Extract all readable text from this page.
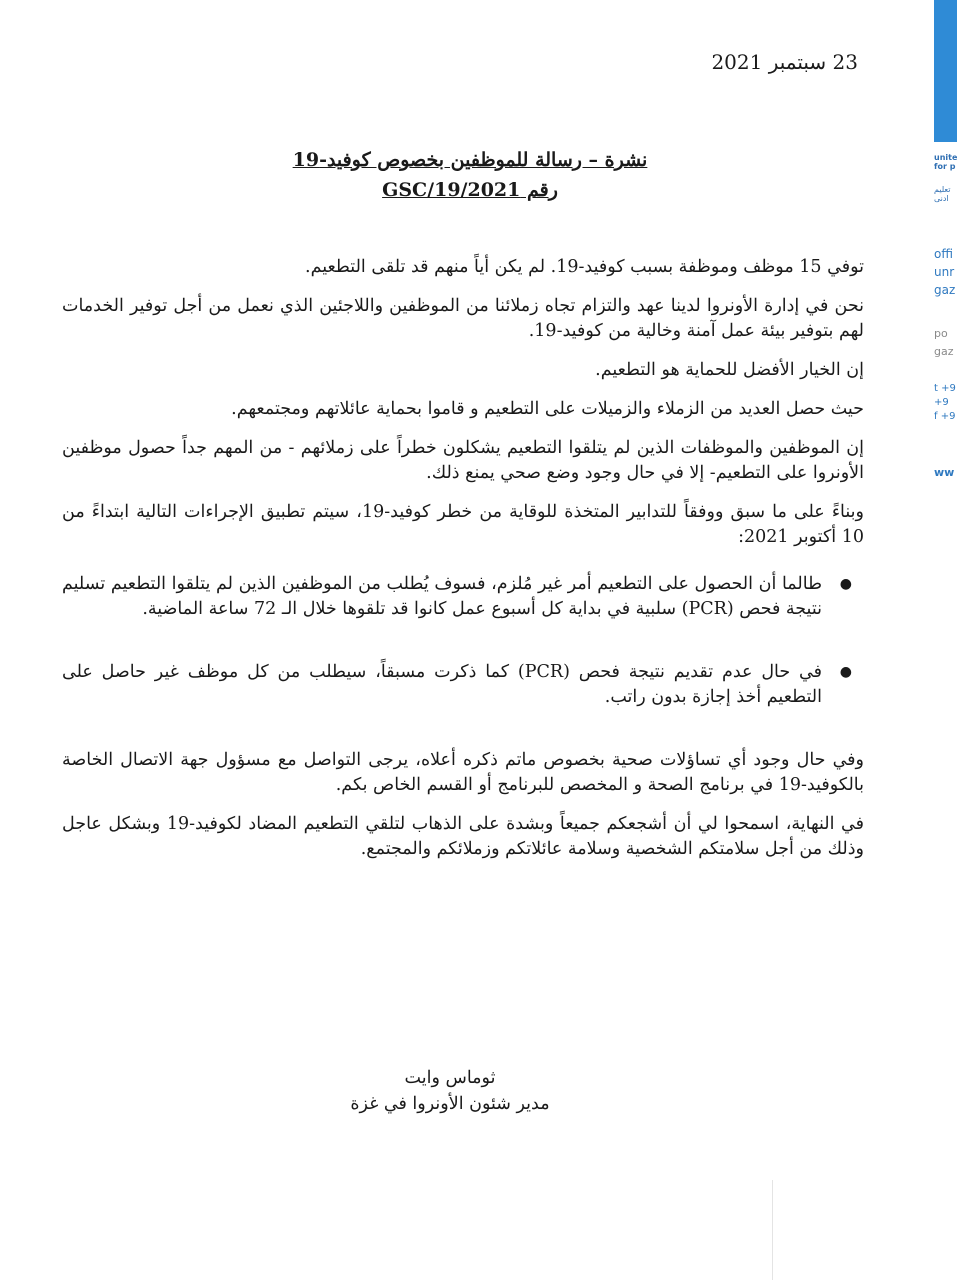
unite
for p
تعليم
ادنى
offi
unr
gaz
po
gaz
t +9
+9
f +9
ww
23 سبتمبر 2021
نشرة – رسالة للموظفين بخصوص كوفيد-19
رقم GSC/19/2021

توفي 15 موظف وموظفة بسبب كوفيد-19. لم يكن أياً منهم قد تلقى التطعيم.

نحن في إدارة الأونروا لدينا عهد والتزام تجاه زملائنا من الموظفين واللاجئين الذي نعمل من أجل توفير الخدمات لهم بتوفير بيئة عمل آمنة وخالية من كوفيد-19.

إن الخيار الأفضل للحماية هو التطعيم.

حيث حصل العديد من الزملاء والزميلات على التطعيم و قاموا بحماية عائلاتهم ومجتمعهم.

إن الموظفين والموظفات الذين لم يتلقوا التطعيم يشكلون خطراً على زملائهم - من المهم جداً حصول موظفين الأونروا على التطعيم- إلا في حال وجود وضع صحي يمنع ذلك.

وبناءً على ما سبق ووفقاً للتدابير المتخذة للوقاية من خطر كوفيد-19، سيتم تطبيق الإجراءات التالية ابتداءً من 10 أكتوبر 2021:

●
طالما أن الحصول على التطعيم أمر غير مُلزم، فسوف يُطلب من الموظفين الذين لم يتلقوا التطعيم تسليم نتيجة فحص (PCR) سلبية في بداية كل أسبوع عمل كانوا قد تلقوها خلال الـ 72 ساعة الماضية.
●
في حال عدم تقديم نتيجة فحص (PCR) كما ذكرت مسبقاً، سيطلب من كل موظف غير حاصل على التطعيم أخذ إجازة بدون راتب.

وفي حال وجود أي تساؤلات صحية بخصوص ماتم ذكره أعلاه، يرجى التواصل مع مسؤول جهة الاتصال الخاصة بالكوفيد-19 في برنامج الصحة و المخصص للبرنامج أو القسم الخاص بكم.

في النهاية، اسمحوا لي أن أشجعكم جميعاً وبشدة على الذهاب لتلقي التطعيم المضاد لكوفيد-19 وبشكل عاجل وذلك من أجل سلامتكم الشخصية وسلامة عائلاتكم وزملائكم والمجتمع.

ثوماس وايت
مدير شئون الأونروا في غزة
